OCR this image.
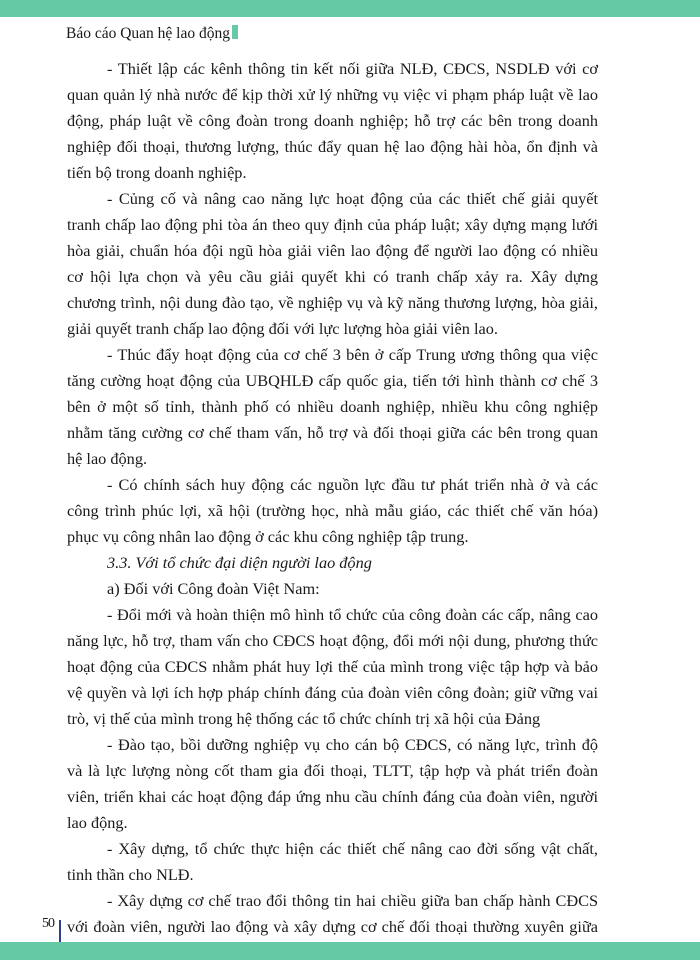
Báo cáo Quan hệ lao động
- Thiết lập các kênh thông tin kết nối giữa NLĐ, CĐCS, NSDLĐ với cơ
quan quản lý nhà nước để kịp thời xử lý những vụ việc vi phạm pháp luật về lao
động, pháp luật về công đoàn trong doanh nghiệp; hỗ trợ các bên trong doanh
nghiệp đối thoại, thương lượng, thúc đẩy quan hệ lao động hài hòa, ổn định và
tiến bộ trong doanh nghiệp.
- Củng cố và nâng cao năng lực hoạt động của các thiết chế giải quyết
tranh chấp lao động phi tòa án theo quy định của pháp luật; xây dựng mạng lưới
hòa giải, chuẩn hóa đội ngũ hòa giải viên lao động để người lao động có nhiều
cơ hội lựa chọn và yêu cầu giải quyết khi có tranh chấp xảy ra. Xây dựng
chương trình, nội dung đào tạo, về nghiệp vụ và kỹ năng thương lượng, hòa giải,
giải quyết tranh chấp lao động đối với lực lượng hòa giải viên lao.
- Thúc đẩy hoạt động của cơ chế 3 bên ở cấp Trung ương thông qua việc
tăng cường hoạt động của UBQHLĐ cấp quốc gia, tiến tới hình thành cơ chế 3
bên ở một số tỉnh, thành phố có nhiều doanh nghiệp, nhiều khu công nghiệp
nhằm tăng cường cơ chế tham vấn, hỗ trợ và đối thoại giữa các bên trong quan
hệ lao động.
- Có chính sách huy động các nguồn lực đầu tư phát triển nhà ở và các
công trình phúc lợi, xã hội (trường học, nhà mẫu giáo, các thiết chế văn hóa)
phục vụ công nhân lao động ở các khu công nghiệp tập trung.
3.3. Với tổ chức đại diện người lao động
a) Đối với Công đoàn Việt Nam:
- Đổi mới và hoàn thiện mô hình tổ chức của công đoàn các cấp, nâng cao
năng lực, hỗ trợ, tham vấn cho CĐCS hoạt động, đổi mới nội dung, phương thức
hoạt động của CĐCS nhằm phát huy lợi thế của mình trong việc tập hợp và bảo
vệ quyền và lợi ích hợp pháp chính đáng của đoàn viên công đoàn; giữ vững vai
trò, vị thế của mình trong hệ thống các tổ chức chính trị xã hội của Đảng
- Đào tạo, bồi dưỡng nghiệp vụ cho cán bộ CĐCS, có năng lực, trình độ
và là lực lượng nòng cốt tham gia đối thoại, TLTT, tập hợp và phát triển đoàn
viên, triển khai các hoạt động đáp ứng nhu cầu chính đáng của đoàn viên, người
lao động.
- Xây dựng, tổ chức thực hiện các thiết chế nâng cao đời sống vật chất,
tinh thần cho NLĐ.
- Xây dựng cơ chế trao đổi thông tin hai chiều giữa ban chấp hành CĐCS
với đoàn viên, người lao động và xây dựng cơ chế đối thoại thường xuyên giữa
50
